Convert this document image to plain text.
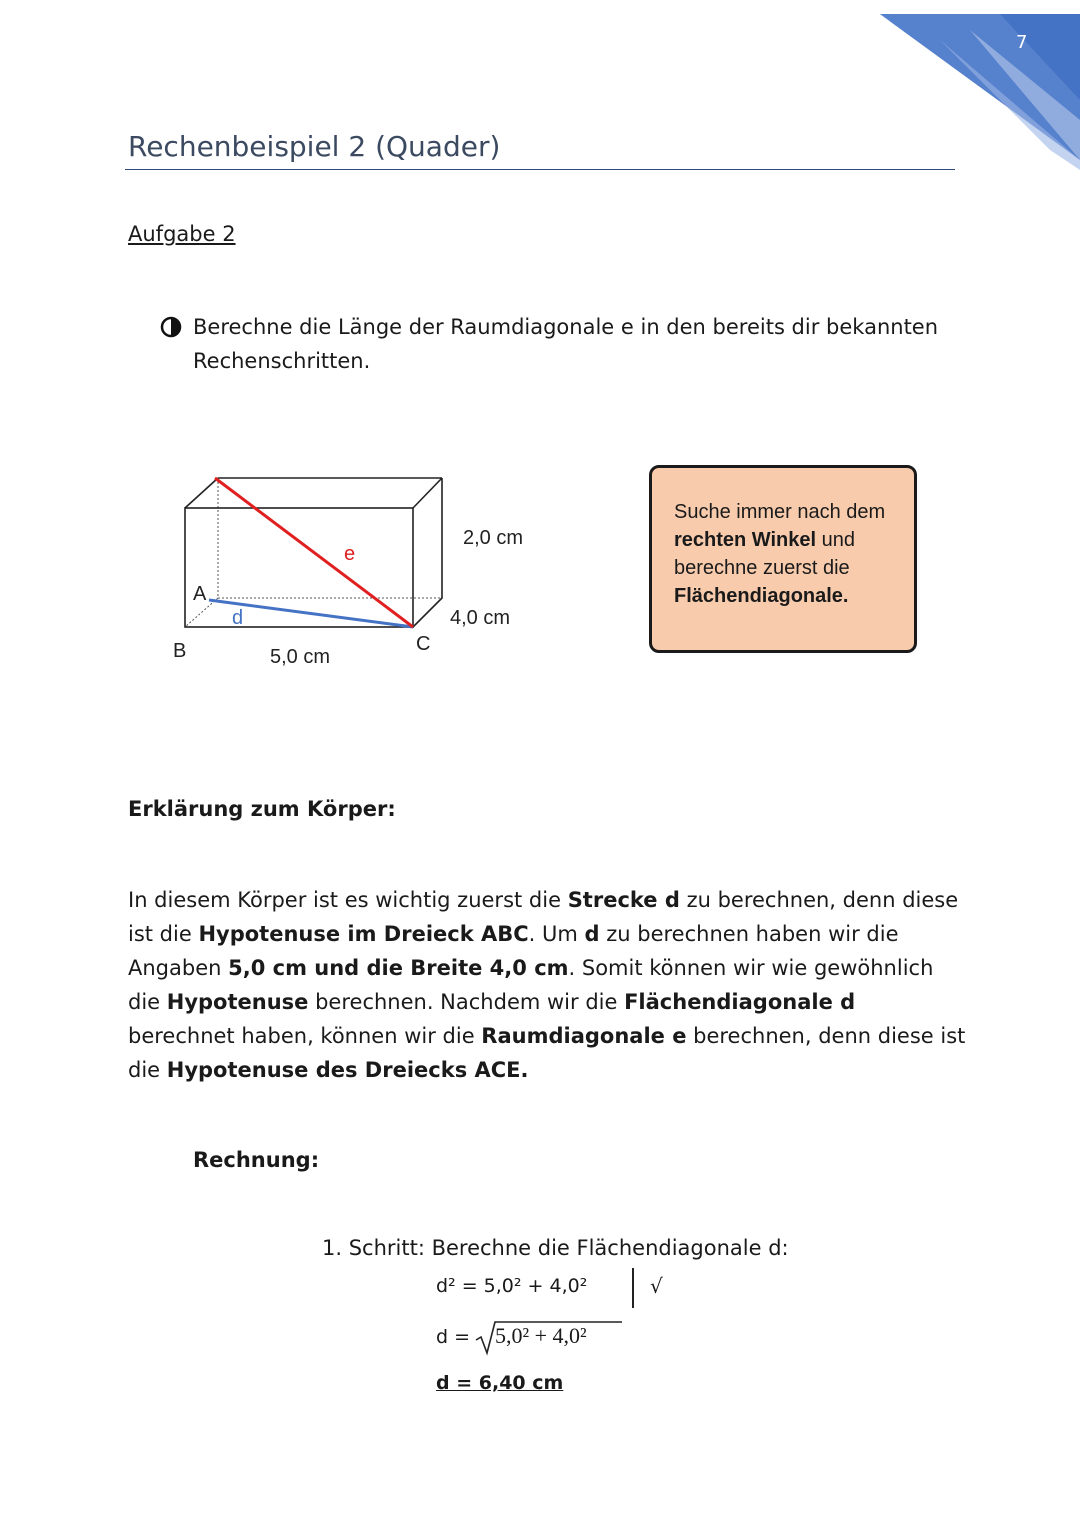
7
Rechenbeispiel 2 (Quader)
Aufgabe 2
Berechne die Länge der Raumdiagonale e in den bereits dir bekannten Rechenschritten.
e
A
d
B	C
5,0 cm
2,0 cm
4,0 cm
Suche immer nach dem rechten Winkel und berechne zuerst die Flächendiagonale.
Erklärung zum Körper:
In diesem Körper ist es wichtig zuerst die Strecke d zu berechnen, denn diese ist die Hypotenuse im Dreieck ABC. Um d zu berechnen haben wir die Angaben 5,0 cm und die Breite 4,0 cm. Somit können wir wie gewöhnlich die Hypotenuse berechnen. Nachdem wir die Flächendiagonale d berechnet haben, können wir die Raumdiagonale e berechnen, denn diese ist die Hypotenuse des Dreiecks ACE.
Rechnung:
1. Schritt: Berechne die Flächendiagonale d:
d² = 5,0² + 4,0²	√
d = 5,0² + 4,0²
d = 6,40 cm
